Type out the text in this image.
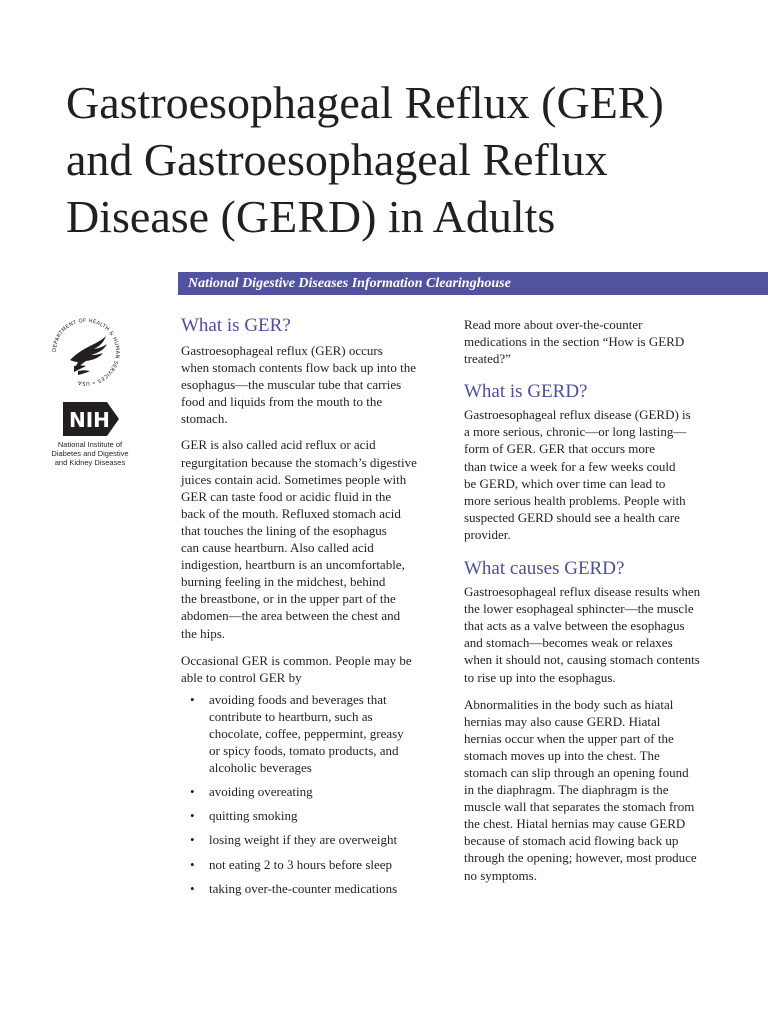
Gastroesophageal Reflux (GER)
and Gastroesophageal Reflux
Disease (GERD) in Adults
National Digestive Diseases Information Clearinghouse
DEPARTMENT OF HEALTH & HUMAN SERVICES • USA
NIH
National Institute of
Diabetes and Digestive
and Kidney Diseases
What is GER?

Gastroesophageal reflux (GER) occurs
when stomach contents flow back up into the
esophagus—the muscular tube that carries
food and liquids from the mouth to the
stomach.

GER is also called acid reflux or acid
regurgitation because the stomach’s digestive
juices contain acid. Sometimes people with
GER can taste food or acidic fluid in the
back of the mouth. Refluxed stomach acid
that touches the lining of the esophagus
can cause heartburn. Also called acid
indigestion, heartburn is an uncomfortable,
burning feeling in the midchest, behind
the breastbone, or in the upper part of the
abdomen—the area between the chest and
the hips.

Occasional GER is common. People may be
able to control GER by

• avoiding foods and beverages that
contribute to heartburn, such as
chocolate, coffee, peppermint, greasy
or spicy foods, tomato products, and
alcoholic beverages
• avoiding overeating
• quitting smoking
• losing weight if they are overweight
• not eating 2 to 3 hours before sleep
• taking over-the-counter medications

Read more about over-the-counter
medications in the section “How is GERD
treated?”

What is GERD?

Gastroesophageal reflux disease (GERD) is
a more serious, chronic—or long lasting—
form of GER. GER that occurs more
than twice a week for a few weeks could
be GERD, which over time can lead to
more serious health problems. People with
suspected GERD should see a health care
provider.

What causes GERD?

Gastroesophageal reflux disease results when
the lower esophageal sphincter—the muscle
that acts as a valve between the esophagus
and stomach—becomes weak or relaxes
when it should not, causing stomach contents
to rise up into the esophagus.

Abnormalities in the body such as hiatal
hernias may also cause GERD. Hiatal
hernias occur when the upper part of the
stomach moves up into the chest. The
stomach can slip through an opening found
in the diaphragm. The diaphragm is the
muscle wall that separates the stomach from
the chest. Hiatal hernias may cause GERD
because of stomach acid flowing back up
through the opening; however, most produce
no symptoms.
